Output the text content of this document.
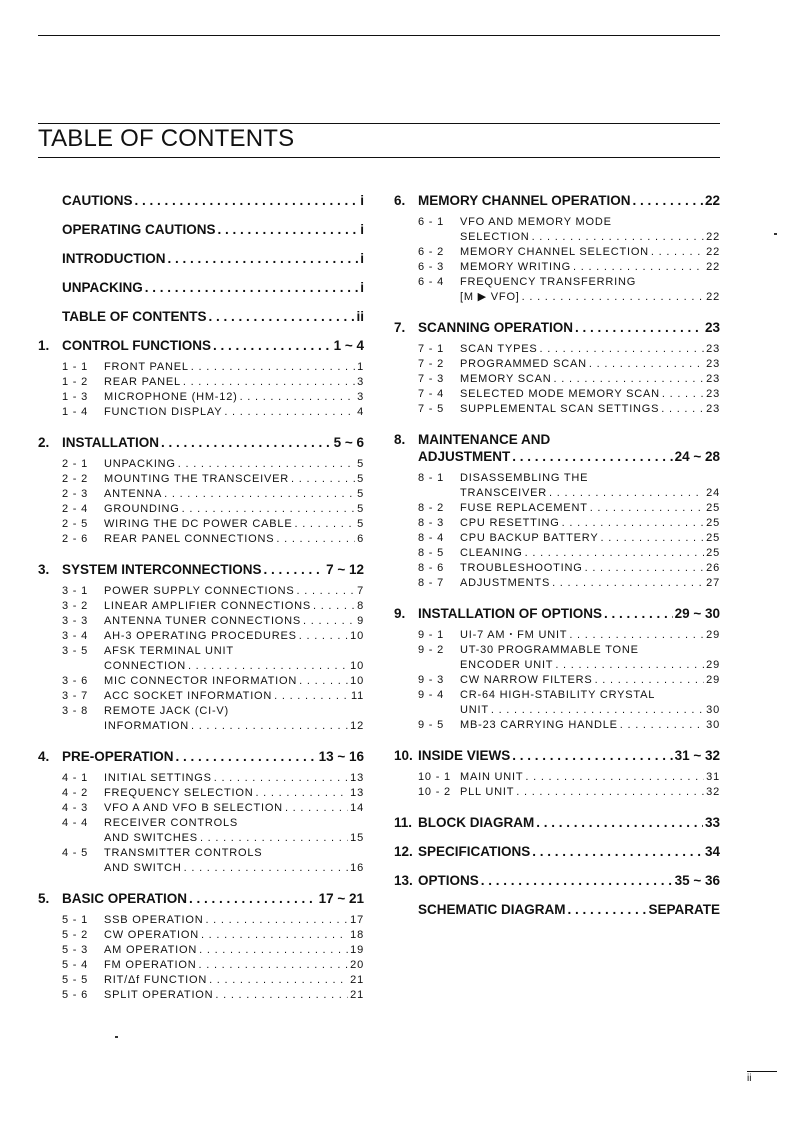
TABLE OF CONTENTS
CAUTIONS . . .	i
OPERATING CAUTIONS . . .	i
INTRODUCTION . . .	i
UNPACKING . . .	i
TABLE OF CONTENTS . . .	ii
1. CONTROL FUNCTIONS . . .	1 ~ 4
1 - 1	FRONT PANEL . . .	1
1 - 2	REAR PANEL . . .	3
1 - 3	MICROPHONE (HM-12) . . .	3
1 - 4	FUNCTION DISPLAY . . .	4
2. INSTALLATION . . .	5 ~ 6
2 - 1	UNPACKING . . .	5
2 - 2	MOUNTING THE TRANSCEIVER . . .	5
2 - 3	ANTENNA . . .	5
2 - 4	GROUNDING . . .	5
2 - 5	WIRING THE DC POWER CABLE . . .	5
2 - 6	REAR PANEL CONNECTIONS . . .	6
3. SYSTEM INTERCONNECTIONS . . .	7 ~ 12
3 - 1	POWER SUPPLY CONNECTIONS . . .	7
3 - 2	LINEAR AMPLIFIER CONNECTIONS . . .	8
3 - 3	ANTENNA TUNER CONNECTIONS . . .	9
3 - 4	AH-3 OPERATING PROCEDURES . . .	10
3 - 5	AFSK TERMINAL UNIT
CONNECTION . . .	10
3 - 6	MIC CONNECTOR INFORMATION . . .	10
3 - 7	ACC SOCKET INFORMATION . . .	11
3 - 8	REMOTE JACK (CI-V)
INFORMATION . . .	12
4. PRE-OPERATION . . .	13 ~ 16
4 - 1	INITIAL SETTINGS . . .	13
4 - 2	FREQUENCY SELECTION . . .	13
4 - 3	VFO A AND VFO B SELECTION . . .	14
4 - 4	RECEIVER CONTROLS
AND SWITCHES . . .	15
4 - 5	TRANSMITTER CONTROLS
AND SWITCH . . .	16
5. BASIC OPERATION . . .	17 ~ 21
5 - 1	SSB OPERATION . . .	17
5 - 2	CW OPERATION . . .	18
5 - 3	AM OPERATION . . .	19
5 - 4	FM OPERATION . . .	20
5 - 5	RIT/Δf FUNCTION . . .	21
5 - 6	SPLIT OPERATION . . .	21
6. MEMORY CHANNEL OPERATION . . .	22
6 - 1	VFO AND MEMORY MODE
SELECTION . . .	22
6 - 2	MEMORY CHANNEL SELECTION . . .	22
6 - 3	MEMORY WRITING . . .	22
6 - 4	FREQUENCY TRANSFERRING
[M ▶ VFO] . . .	22
7. SCANNING OPERATION . . .	23
7 - 1	SCAN TYPES . . .	23
7 - 2	PROGRAMMED SCAN . . .	23
7 - 3	MEMORY SCAN . . .	23
7 - 4	SELECTED MODE MEMORY SCAN . . .	23
7 - 5	SUPPLEMENTAL SCAN SETTINGS . . .	23
8. MAINTENANCE AND
ADJUSTMENT . . .	24 ~ 28
8 - 1	DISASSEMBLING THE
TRANSCEIVER . . .	24
8 - 2	FUSE REPLACEMENT . . .	25
8 - 3	CPU RESETTING . . .	25
8 - 4	CPU BACKUP BATTERY . . .	25
8 - 5	CLEANING . . .	25
8 - 6	TROUBLESHOOTING . . .	26
8 - 7	ADJUSTMENTS . . .	27
9. INSTALLATION OF OPTIONS . . .	29 ~ 30
9 - 1	UI-7 AM・FM UNIT . . .	29
9 - 2	UT-30 PROGRAMMABLE TONE
ENCODER UNIT . . .	29
9 - 3	CW NARROW FILTERS . . .	29
9 - 4	CR-64 HIGH-STABILITY CRYSTAL
UNIT . . .	30
9 - 5	MB-23 CARRYING HANDLE . . .	30
10. INSIDE VIEWS . . .	31 ~ 32
10 - 1 MAIN UNIT . . .	31
10 - 2 PLL UNIT . . .	32
11. BLOCK DIAGRAM . . .	33
12. SPECIFICATIONS . . .	34
13. OPTIONS . . .	35 ~ 36
SCHEMATIC DIAGRAM . . .	SEPARATE
ii
